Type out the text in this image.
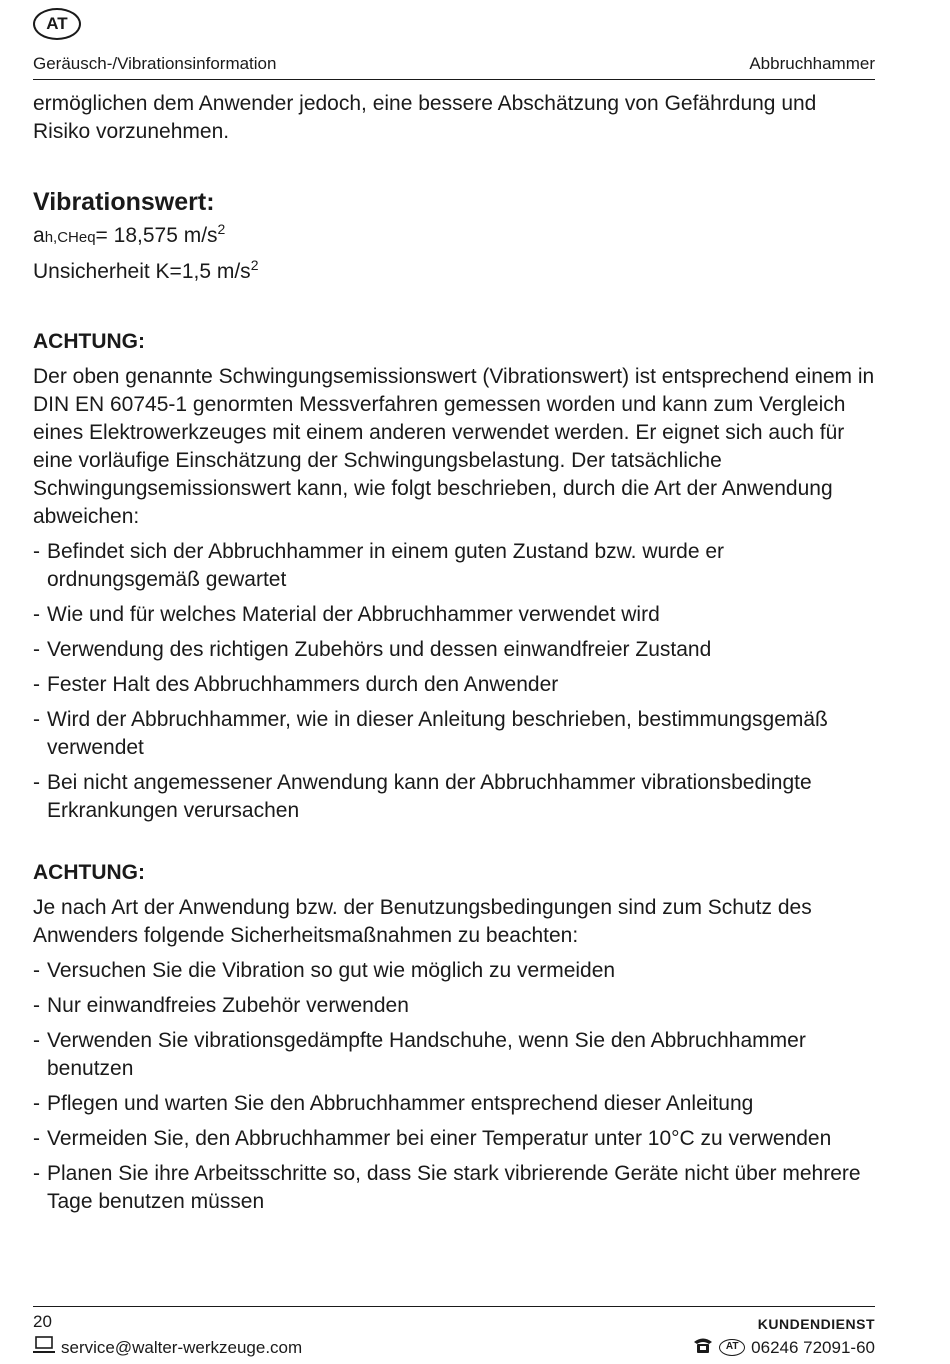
AT
Geräusch-/Vibrationsinformation	Abbruchhammer

ermöglichen dem Anwender jedoch, eine bessere Abschätzung von Gefährdung und Risiko vorzunehmen.

Vibrationswert:
ah,CHeq= 18,575 $m/s^2$
Unsicherheit K=1,5 $m/s^2$
ACHTUNG:

Der oben genannte Schwingungsemissionswert (Vibrationswert) ist entsprechend einem in DIN EN 60745-1 genormten Messverfahren gemessen worden und kann zum Vergleich eines Elektrowerkzeuges mit einem anderen verwendet werden. Er eignet sich auch für eine vorläufige Einschätzung der Schwingungsbelastung. Der tatsächliche Schwingungsemissionswert kann, wie folgt beschrieben, durch die Art der Anwendung abweichen:

- Befindet sich der Abbruchhammer in einem guten Zustand bzw. wurde er ordnungsgemäß gewartet
- Wie und für welches Material der Abbruchhammer verwendet wird
- Verwendung des richtigen Zubehörs und dessen einwandfreier Zustand
- Fester Halt des Abbruchhammers durch den Anwender
- Wird der Abbruchhammer, wie in dieser Anleitung beschrieben, bestimmungsgemäß verwendet
- Bei nicht angemessener Anwendung kann der Abbruchhammer vibrationsbedingte Erkrankungen verursachen
ACHTUNG:

Je nach Art der Anwendung bzw. der Benutzungsbedingungen sind zum Schutz des Anwenders folgende Sicherheitsmaßnahmen zu beachten:

- Versuchen Sie die Vibration so gut wie möglich zu vermeiden
- Nur einwandfreies Zubehör verwenden
- Verwenden Sie vibrationsgedämpfte Handschuhe, wenn Sie den Abbruchhammer benutzen
- Pflegen und warten Sie den Abbruchhammer entsprechend dieser Anleitung
- Vermeiden Sie, den Abbruchhammer bei einer Temperatur unter 10°C zu verwenden
- Planen Sie ihre Arbeitsschritte so, dass Sie stark vibrierende Geräte nicht über mehrere Tage benutzen müssen
20	KUNDENDIENST
service@walter-werkzeuge.com	AT 06246 72091-60
